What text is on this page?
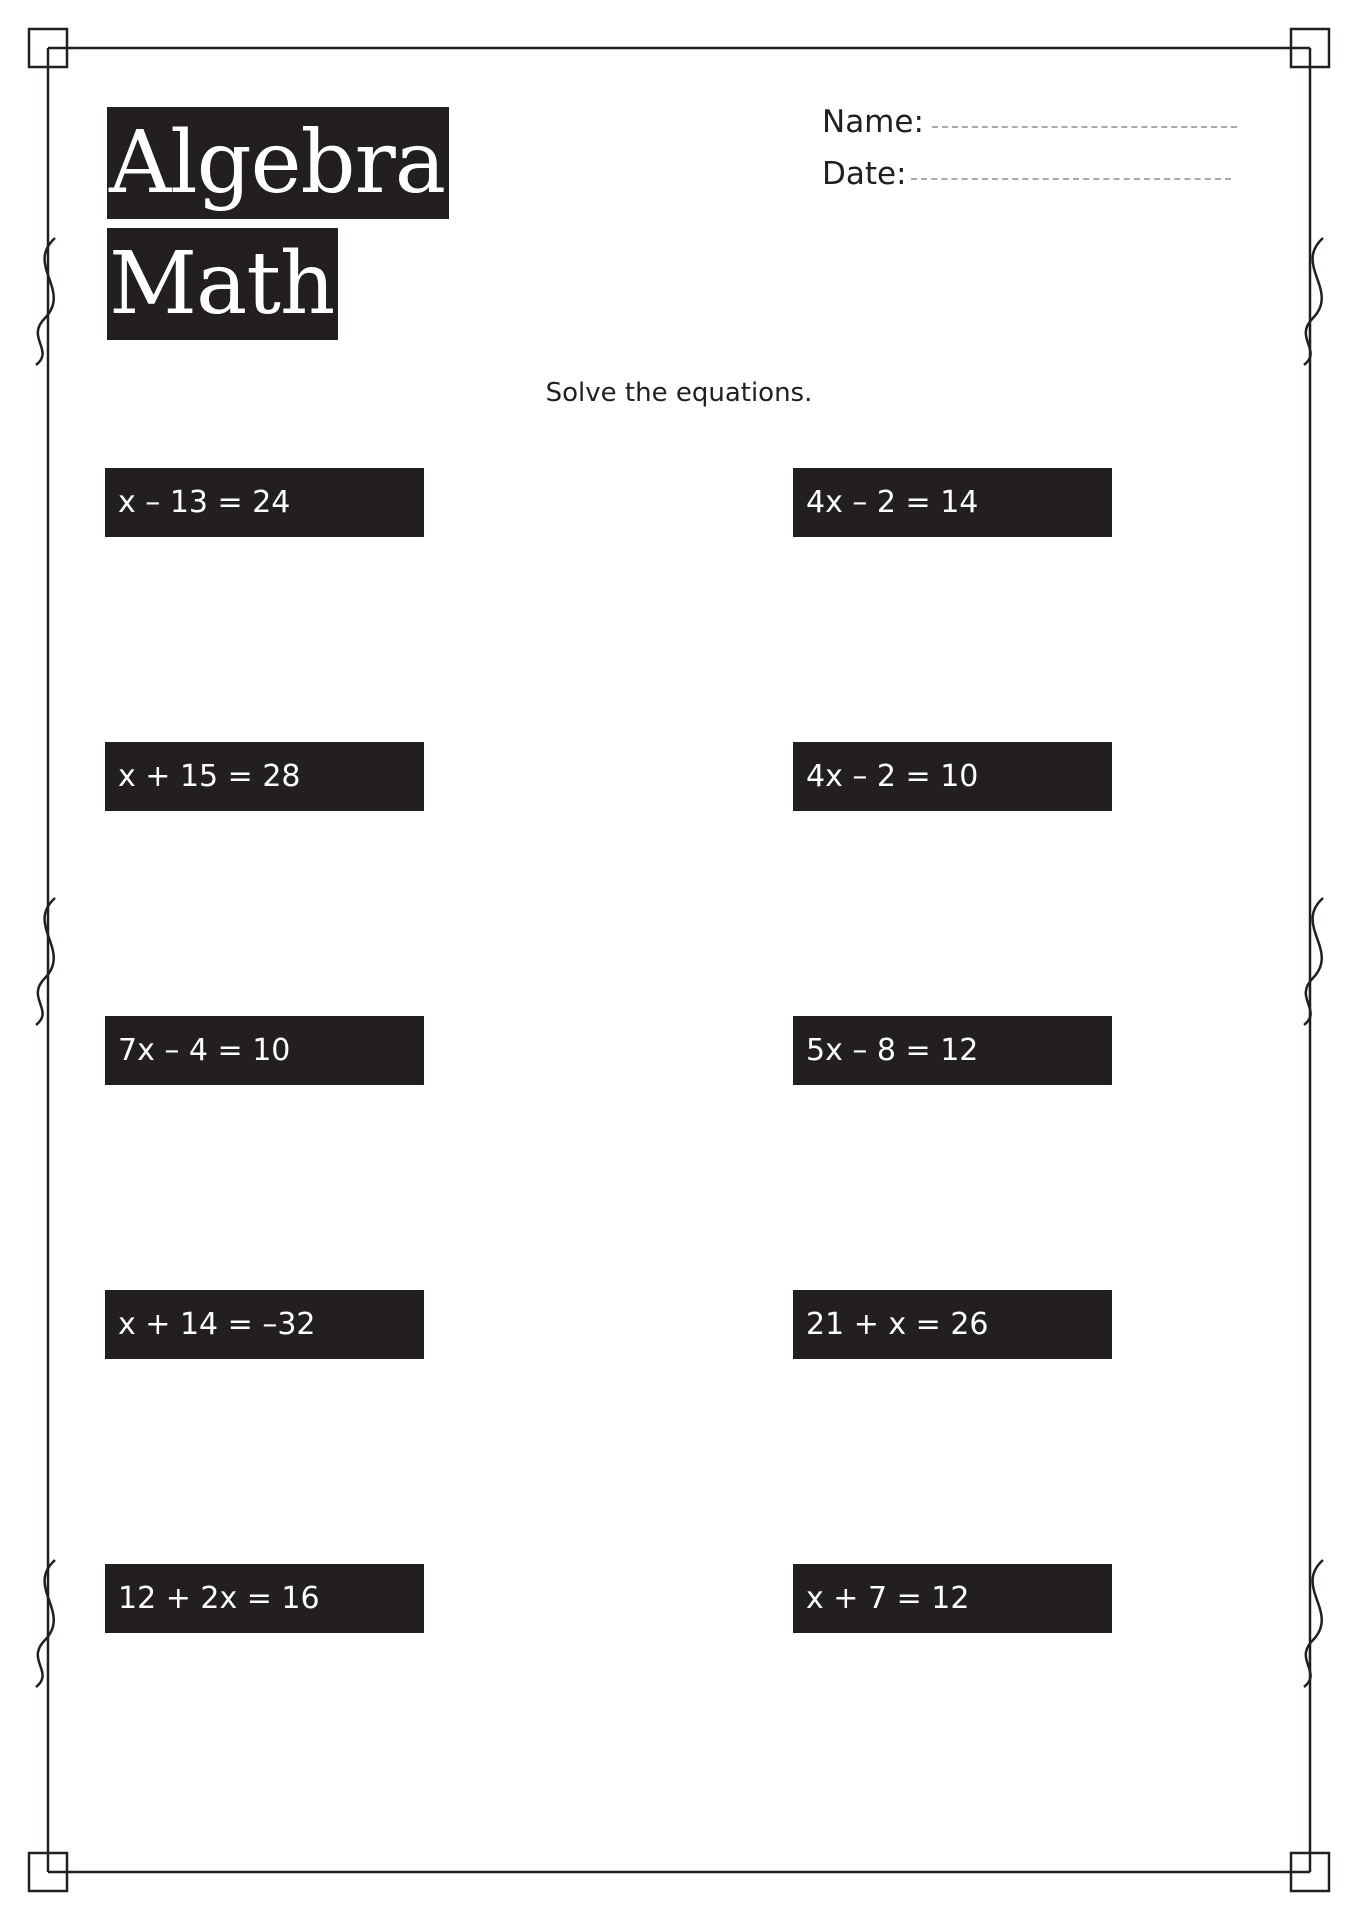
Algebra
Math
Name:
Date:
Solve the equations.
x – 13 = 24
x + 15 = 28
7x – 4 = 10
x + 14 = –32
12 + 2x = 16
4x – 2 = 14
4x – 2 = 10
5x – 8 = 12
21 + x = 26
x + 7 = 12
